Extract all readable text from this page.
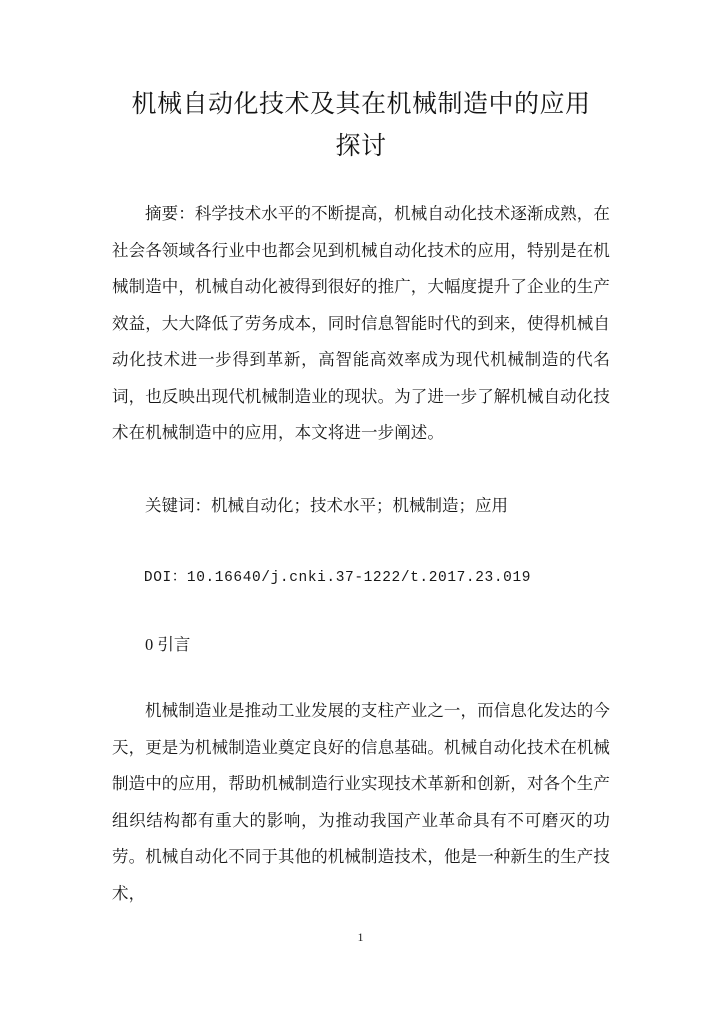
机械自动化技术及其在机械制造中的应用
探讨

摘要：科学技术水平的不断提高，机械自动化技术逐渐成熟，在社会各领域各行业中也都会见到机械自动化技术的应用，特别是在机械制造中，机械自动化被得到很好的推广，大幅度提升了企业的生产效益，大大降低了劳务成本，同时信息智能时代的到来，使得机械自动化技术进一步得到革新，高智能高效率成为现代机械制造的代名词，也反映出现代机械制造业的现状。为了进一步了解机械自动化技术在机械制造中的应用，本文将进一步阐述。

关键词：机械自动化；技术水平；机械制造；应用

DOI：10.16640/j.cnki.37-1222/t.2017.23.019

0 引言

机械制造业是推动工业发展的支柱产业之一，而信息化发达的今天，更是为机械制造业奠定良好的信息基础。机械自动化技术在机械制造中的应用，帮助机械制造行业实现技术革新和创新，对各个生产组织结构都有重大的影响，为推动我国产业革命具有不可磨灭的功劳。机械自动化不同于其他的机械制造技术，他是一种新生的生产技术，

1
